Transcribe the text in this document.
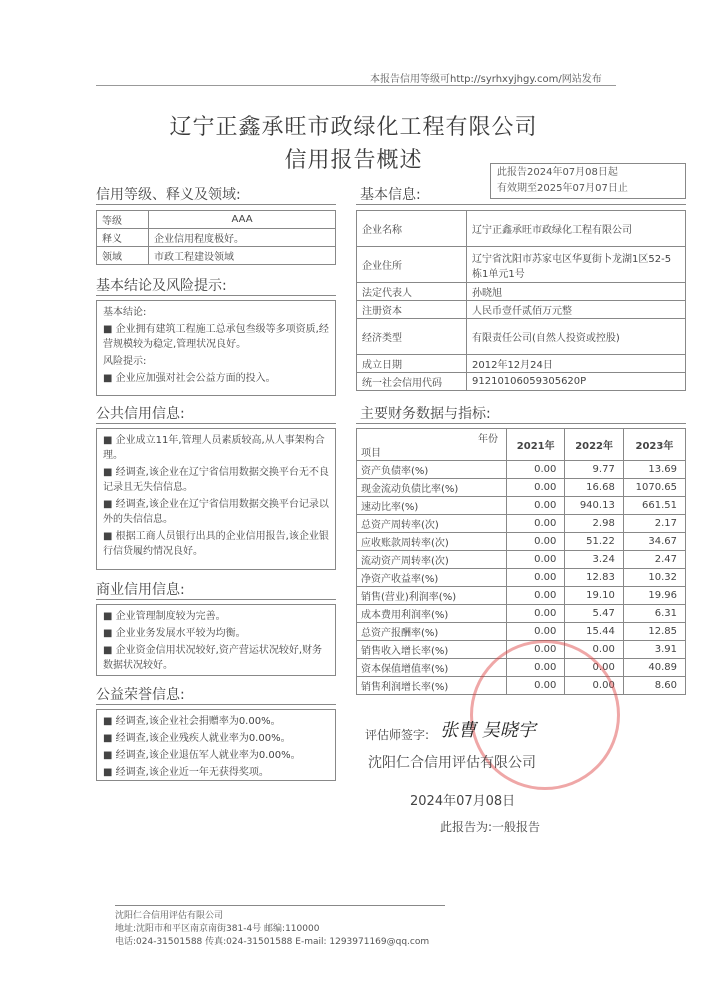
本报告信用等级可http://syrhxyjhgy.com/网站发布
辽宁正鑫承旺市政绿化工程有限公司
信用报告概述	此报告2024年07月08日起
有效期至2025年07月07日止
信用等级、释义及领域:
等级	AAA
释义	企业信用程度极好。
领域	市政工程建设领域
基本信息:
企业名称	辽宁正鑫承旺市政绿化工程有限公司
企业住所	辽宁省沈阳市苏家屯区华夏街卜龙湖1区52-5栋1单元1号
法定代表人	孙晓旭
注册资本	人民币壹仟贰佰万元整
经济类型	有限责任公司(自然人投资或控股)
成立日期	2012年12月24日
统一社会信用代码	91210106059305620P
基本结论及风险提示:

基本结论:

■ 企业拥有建筑工程施工总承包叁级等多项资质,经营规模较为稳定,管理状况良好。

风险提示:

■ 企业应加强对社会公益方面的投入。

公共信用信息:

■ 企业成立11年,管理人员素质较高,从人事架构合理。

■ 经调查,该企业在辽宁省信用数据交换平台无不良记录且无失信信息。

■ 经调查,该企业在辽宁省信用数据交换平台记录以外的失信信息。

■ 根据工商人员银行出具的企业信用报告,该企业银行信贷履约情况良好。

商业信用信息:

■ 企业管理制度较为完善。

■ 企业业务发展水平较为均衡。

■ 企业资金信用状况较好,资产营运状况较好,财务数据状况较好。

公益荣誉信息:

■ 经调查,该企业社会捐赠率为0.00%。

■ 经调查,该企业残疾人就业率为0.00%。

■ 经调查,该企业退伍军人就业率为0.00%。

■ 经调查,该企业近一年无获得奖项。

主要财务数据与指标:
年份
项目	2021年	2022年	2023年
资产负债率(%)	0.00	9.77	13.69
现金流动负债比率(%)	0.00	16.68	1070.65
速动比率(%)	0.00	940.13	661.51
总资产周转率(次)	0.00	2.98	2.17
应收账款周转率(次)	0.00	51.22	34.67
流动资产周转率(次)	0.00	3.24	2.47
净资产收益率(%)	0.00	12.83	10.32
销售(营业)利润率(%)	0.00	19.10	19.96
成本费用利润率(%)	0.00	5.47	6.31
总资产报酬率(%)	0.00	15.44	12.85
销售收入增长率(%)	0.00	0.00	3.91
资本保值增值率(%)	0.00	0.00	40.89
销售利润增长率(%)	0.00	0.00	8.60
评估师签字: 张曹 吴晓宇
沈阳仁合信用评估有限公司
2024年07月08日
此报告为:一般报告
沈阳仁合信用评估有限公司
地址:沈阳市和平区南京南街381-4号 邮编:110000
电话:024-31501588 传真:024-31501588 E-mail: 1293971169@qq.com
